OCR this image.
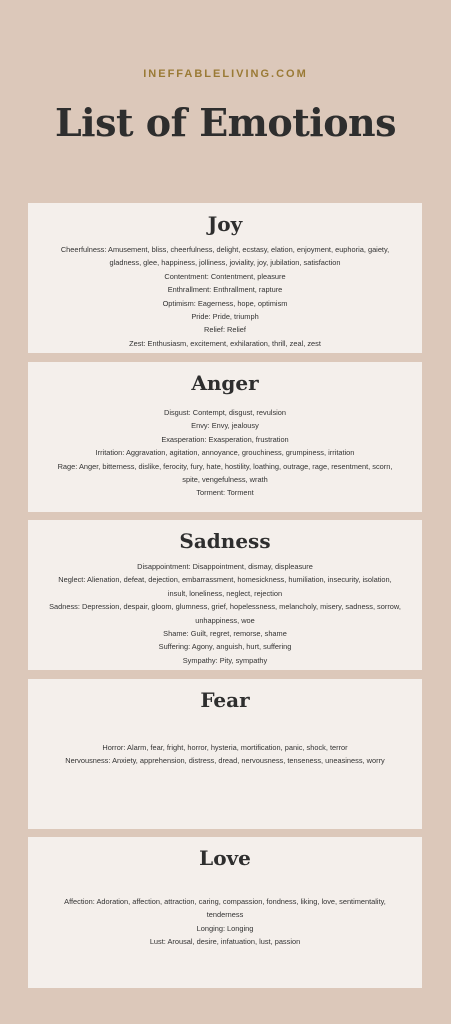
INEFFABLELIVING.COM
List of Emotions
Joy
Cheerfulness: Amusement, bliss, cheerfulness, delight, ecstasy, elation, enjoyment, euphoria, gaiety,
gladness, glee, happiness, jolliness, joviality, joy, jubilation, satisfaction
Contentment: Contentment, pleasure
Enthrallment: Enthrallment, rapture
Optimism: Eagerness, hope, optimism
Pride: Pride, triumph
Relief: Relief
Zest: Enthusiasm, excitement, exhilaration, thrill, zeal, zest
Anger
Disgust: Contempt, disgust, revulsion
Envy: Envy, jealousy
Exasperation: Exasperation, frustration
Irritation: Aggravation, agitation, annoyance, grouchiness, grumpiness, irritation
Rage: Anger, bitterness, dislike, ferocity, fury, hate, hostility, loathing, outrage, rage, resentment, scorn,
spite, vengefulness, wrath
Torment: Torment
Sadness
Disappointment: Disappointment, dismay, displeasure
Neglect: Alienation, defeat, dejection, embarrassment, homesickness, humiliation, insecurity, isolation,
insult, loneliness, neglect, rejection
Sadness: Depression, despair, gloom, glumness, grief, hopelessness, melancholy, misery, sadness, sorrow,
unhappiness, woe
Shame: Guilt, regret, remorse, shame
Suffering: Agony, anguish, hurt, suffering
Sympathy: Pity, sympathy
Fear
Horror: Alarm, fear, fright, horror, hysteria, mortification, panic, shock, terror
Nervousness: Anxiety, apprehension, distress, dread, nervousness, tenseness, uneasiness, worry
Love
Affection: Adoration, affection, attraction, caring, compassion, fondness, liking, love, sentimentality,
tenderness
Longing: Longing
Lust: Arousal, desire, infatuation, lust, passion
